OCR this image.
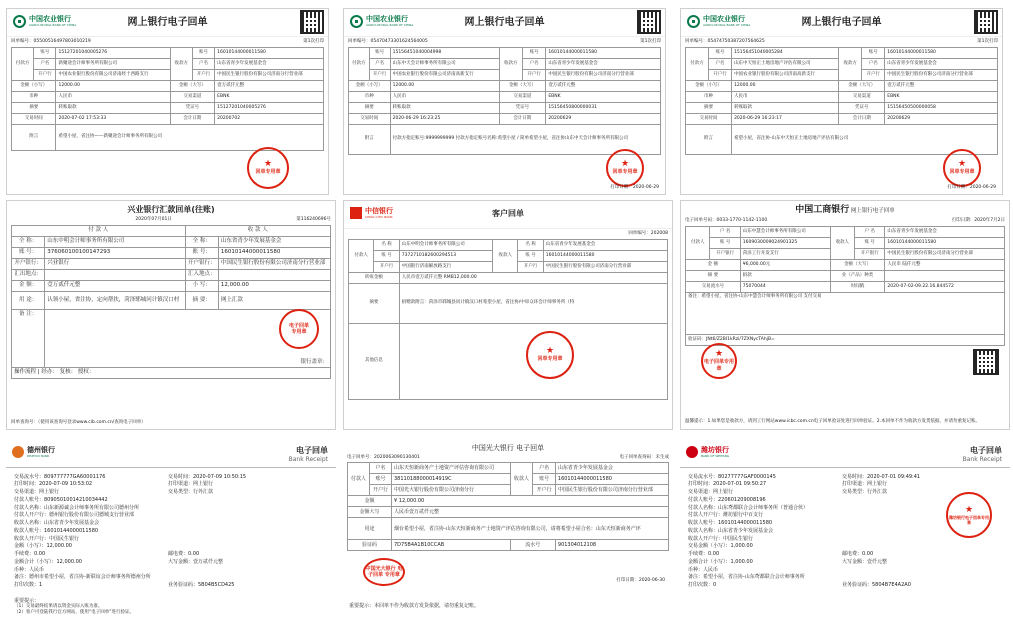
中国农业银行
AGRICULTURAL BANK OF CHINA	网上银行电子回单
回单编号：05500516497803010219	第1次打印
付款方	账号	15127201040005276	收款方	账号	16010144000011580
	户名	新聚途会计师事务所有限公司		户名	山东省青少年发展基金会
	开户行	中国农业银行股份有限公司济南经十西路支行		开户行	中国民生银行股份有限公司济南分行营业部
金额（小写）		12000.00	金额（大写）		壹万贰仟元整
币种		人民币	交易渠道		EBNK
摘要		转账取款	凭证号		15127201040005276
交易时间		2020-07-02 17:53:33	会计日期		20200702
附言		希望小屋，省注协——新聚途会计师事务所有限公司			
★
回单专用章
中国农业银行
AGRICULTURAL BANK OF CHINA	网上银行电子回单
回单编号：05470473301624564005	第1次打印
付款方	账号	15156451040004998	收款方	账号	16010144000011580
	户名	山东中天会计师事务所有限公司		户名	山东省青少年发展基金会
	开户行	中国农业银行股份有限公司济南高新支行		开户行	中国民生银行股份有限公司济南分行营业部
金额（小写）		12000.00	金额（大写）		壹万贰仟元整
币种		人民币	交易渠道		EBNK
摘要		转账取款	凭证号		15156450800000031
交易时间		2020-06-29 16:23:25	会计日期		20200629
附言		付款方指定账号:9999999999 付款方指定账号名称:希望小屋 / 简单希望小屋，省注协山东中天会计师事务所有限公司			
★
回单专用章
打印日期：2020-06-29
中国农业银行
AGRICULTURAL BANK OF CHINA	网上银行电子回单
回单编号：05474750387207564625	第1次打印
付款方	账号	15156451040005284	收款方	账号	16010144000011580
	户名	山东中天恒正土地房地产评估有限公司		户名	山东省青少年发展基金会
	开户行	中国农业银行股份有限公司济南高新支行		开户行	中国民生银行股份有限公司济南分行营业部
金额（小写）		12000.00	金额（大写）		壹万贰仟元整
币种		人民币	交易渠道		EBNK
摘要		转账取款	凭证号		15156450500000058
交易时间		2020-06-29 16:23:17	会计日期		20200629
附言		希望小屋，省注协-山东中天恒正土地房地产评估有限公司			
★
回单专用章
打印日期：2020-06-29
兴业银行汇款回单(往账)
2020年07月01日	第116240696号
付 款 人		收 款 人	
全 称：	山东中明会计师事务所有限公司	全 称：	山东省青少年发展基金会
账 号：	376060100100147293	账 号：	16010144000011580
开户银行：	兴业银行	开户银行：	中国民生银行股份有限公司济南分行营业部
汇出地点：		汇入地点：	
金 额：	壹万贰仟元整	小 写：	12,000.00
用 途：	认领小屋，省注协，定向帮扶，菏泽郓城问计镇汉口村	摘 要：	网上汇款
备 注：	银行盖章：		
操作流程 | 经办： 复核： 授权：			
电子回单
专用章
回单查询号：（使用该查询号登录www.cib.com.cn/查询电子回单）
中信银行
CHINA CITIC BANK	客户回单
回单编号：202008
付款人	名 称	山东中明会计师事务所有限公司	收款人	名 称	山东省青少年发展基金会
	账 号	7372710182600294513		账 号	16010144000011580
	开户行	中国银行济南解放路支行		开户行	中国民生银行股份有限公司济南分行营业部
转账金额		人民币壹万贰仟元整 RMB12,000.00			
摘要		捐赠款附言：菏泽市郓城县问计镇汉口村希望小屋，省注协/中审众环会计师事务所（特			
其他信息					
★
回单专用章
中国工商银行 网上银行电子回单
电子回单号码：0033-1770-1142-1100	打印日期：2020年7月2日
付款人	户 名	山东中慧会计师事务所有限公司	收款人	户 名	山东省青少年发展基金会
	账 号	1609030009024901325		账 号	16010144000011580
	开户银行	菏泽工行开发支行		开户银行	中国民生银行股份有限公司济南分行营业部
金 额		¥6,000.00元	金额（大写）		人民币 陆仟元整
摘 要		捐款	业（产品）种类		
交易流水号		75070044	时间戳		2020-07-02-09.22.16.844572
备注：希望小屋，省注协-山东中慧会计师事务所有限公司 支付交易					
验证码：JNt6/Z2Bl1kRzi/7ZXNycTAhjB=					
★
电子回单专用章
温馨提示：1.如果您是收款方，请到工行网站www.icbc.com.cn电子回单验证处进行回单验证。2.本回单不作为收款方发货依据，并请勿重复记账。
德州银行
DEZHOU BANK
电子回单
Bank Receipt
交易流水号：809777777GA60001176	交易时间：2020-07-09 10:50:15
打印时间：2020-07-09 10:53:02	打印渠道：网上银行
交易渠道：网上银行	交易类型：行外汇款
付款人账号：80905010014210034442
付款人名称：山东新源诚会计师事务所有限公司德州分所
付款人开户行：德州银行股份有限公司德城支行营业部
收款人名称：山东省青少年发展基金会
收款人账号：16010144000011580
收款人开户行：中国民生银行
金额（小写）：12,000.00
手续费：0.00	邮电费：0.00
金额合计（小写）：12,000.00	大写金额：壹万贰仟元整
币种：人民币
备注：德州市希望小屋，省注协-新联谊会计师事务所德州分所
打印次数：1	业务验证码：5B04B5CD425
重要提示：
（1）交易最终结果请以资金实际入账为准。
（2）客户可登陆我行官方网站，使用“电子回单”进行验证。
中国光大银行 电子回单
电子回单号：2020063090130401	电子回单查询码：未生成
付款人	户名	山东天恒新商务产士地资产评估咨询有限公司	收款人	户名	山东省青少年发展基金会
	账号	38110188000014919C		账号	16010144000011580
	开户行	中国光大银行股份有限公司济南分行		开户行	中国民生银行股份有限公司济南分行营业部
金额		¥ 12,000.00			
金额大写		人民币壹万贰仟元整			
用途		烟台希望小屋，省注协-山东天恒新商务产士地资产评估咨询有限公司，请将希望小屋合名：山东天恒新商务产评			
验证码		7D75B4A1B10CCAB	流水号		901304012108
中国光大银行 电子回单 专用章
打印日期：2020-06-30
重要提示：本回单不作为收款方发货依据，请勿重复记账。
潍坊银行
BANK OF WEIFANG
电子回单
Bank Receipt
交易流水号：80277777GAF0000145	交易时间：2020-07-01 09:49:41
打印时间：2020-07-01 09:50:27	打印渠道：网上银行
交易渠道：网上银行	交易类型：行外汇款
付款人账号：220601209008196
付款人名称：山东鸢都联合会计师事务所（普通合伙）
付款人开户行：潍坊银行中百支行
收款人账号：16010144000011580
收款人名称：山东省青少年发展基金会
收款人开户行：中国民生银行
交易金额（小写）：1,000.00
手续费：0.00	邮电费：0.00
金额合计（小写）：1,000.00	大写金额：壹仟元整
币种：人民币
备注：希望小屋，省注协-山东鸢都联合会计师事务所
打印次数：0	业务验证码：5804B7E4A2A0
★
潍坊银行电子回单专用章
